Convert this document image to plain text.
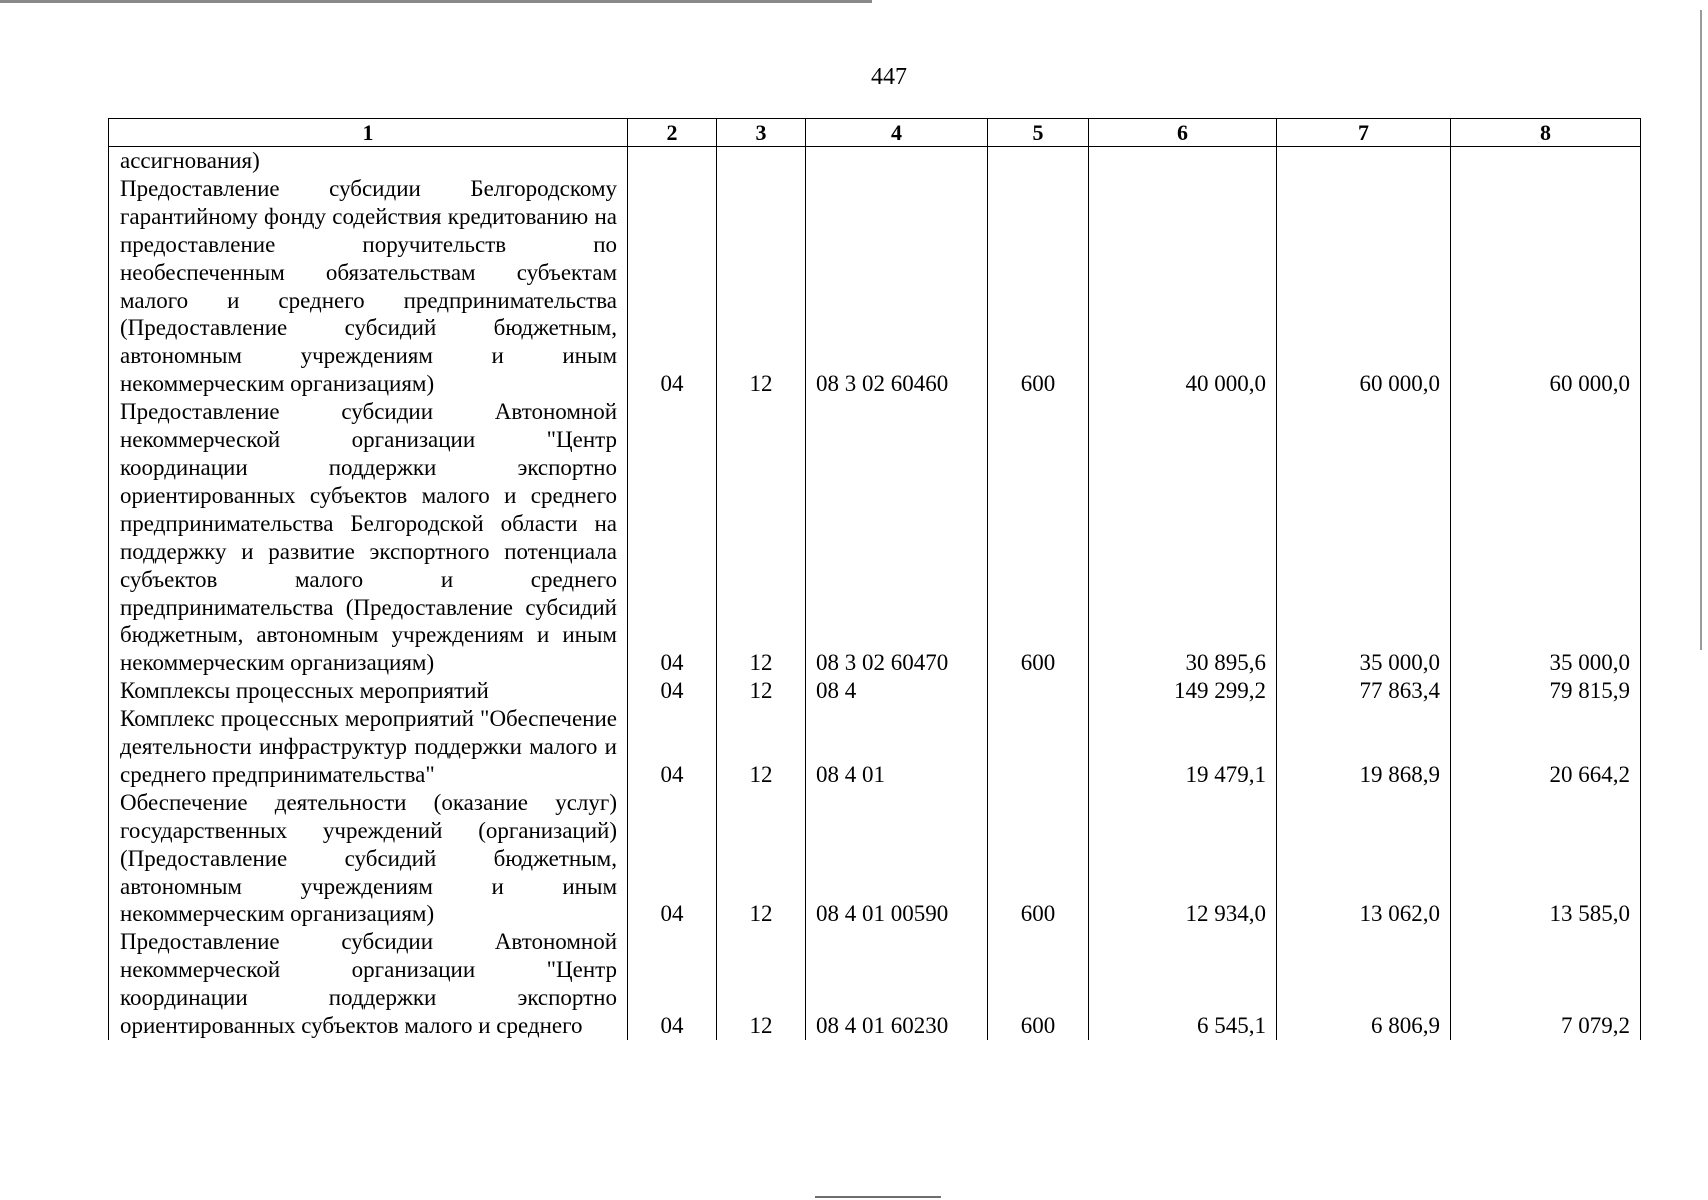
447
1	2	3	4	5	6	7	8
ассигнования)							
Предоставление субсидии Белгородскому гарантийному фонду содействия кредитованию на предоставление поручительств по необеспеченным обязательствам субъектам малого и среднего предпринимательства (Предоставление субсидий бюджетным, автономным учреждениям и иным некоммерческим организациям)	04	12	08 3 02 60460	600	40 000,0	60 000,0	60 000,0
Предоставление субсидии Автономной некоммерческой организации "Центр координации поддержки экспортно ориентированных субъектов малого и среднего предпринимательства Белгородской области на поддержку и развитие экспортного потенциала субъектов малого и среднего предпринимательства (Предоставление субсидий бюджетным, автономным учреждениям и иным некоммерческим организациям)	04	12	08 3 02 60470	600	30 895,6	35 000,0	35 000,0
Комплексы процессных мероприятий	04	12	08 4		149 299,2	77 863,4	79 815,9
Комплекс процессных мероприятий "Обеспечение деятельности инфраструктур поддержки малого и среднего предпринимательства"	04	12	08 4 01		19 479,1	19 868,9	20 664,2
Обеспечение деятельности (оказание услуг) государственных учреждений (организаций) (Предоставление субсидий бюджетным, автономным учреждениям и иным некоммерческим организациям)	04	12	08 4 01 00590	600	12 934,0	13 062,0	13 585,0
Предоставление субсидии Автономной некоммерческой организации "Центр координации поддержки экспортно ориентированных субъектов малого и среднего	04	12	08 4 01 60230	600	6 545,1	6 806,9	7 079,2
